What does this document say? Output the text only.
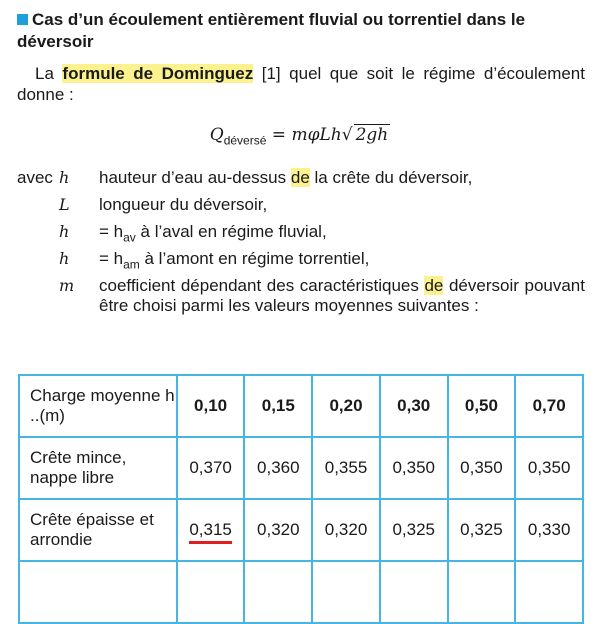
Cas d’un écoulement entièrement fluvial ou torrentiel dans le déversoir
La formule de Dominguez [1] quel que soit le régime d’écoulement donne :
$Q_{déversé} = m\varphi Lh√$ 2gh
avec h	hauteur d’eau au-dessus de la crête du déversoir,
L	longueur du déversoir,
h	= $h_{av}$ à l’aval en régime fluvial,
h	= $h_{am}$ à l’amont en régime torrentiel,
m	coefficient dépendant des caractéristiques de déversoir pouvant être choisi parmi les valeurs moyennes suivantes :
Charge moyenne h ..(m)	0,10	0,15	0,20	0,30	0,50	0,70
Crête mince, nappe libre	0,370	0,360	0,355	0,350	0,350	0,350
Crête épaisse et arrondie	0,315	0,320	0,320	0,325	0,325	0,330
